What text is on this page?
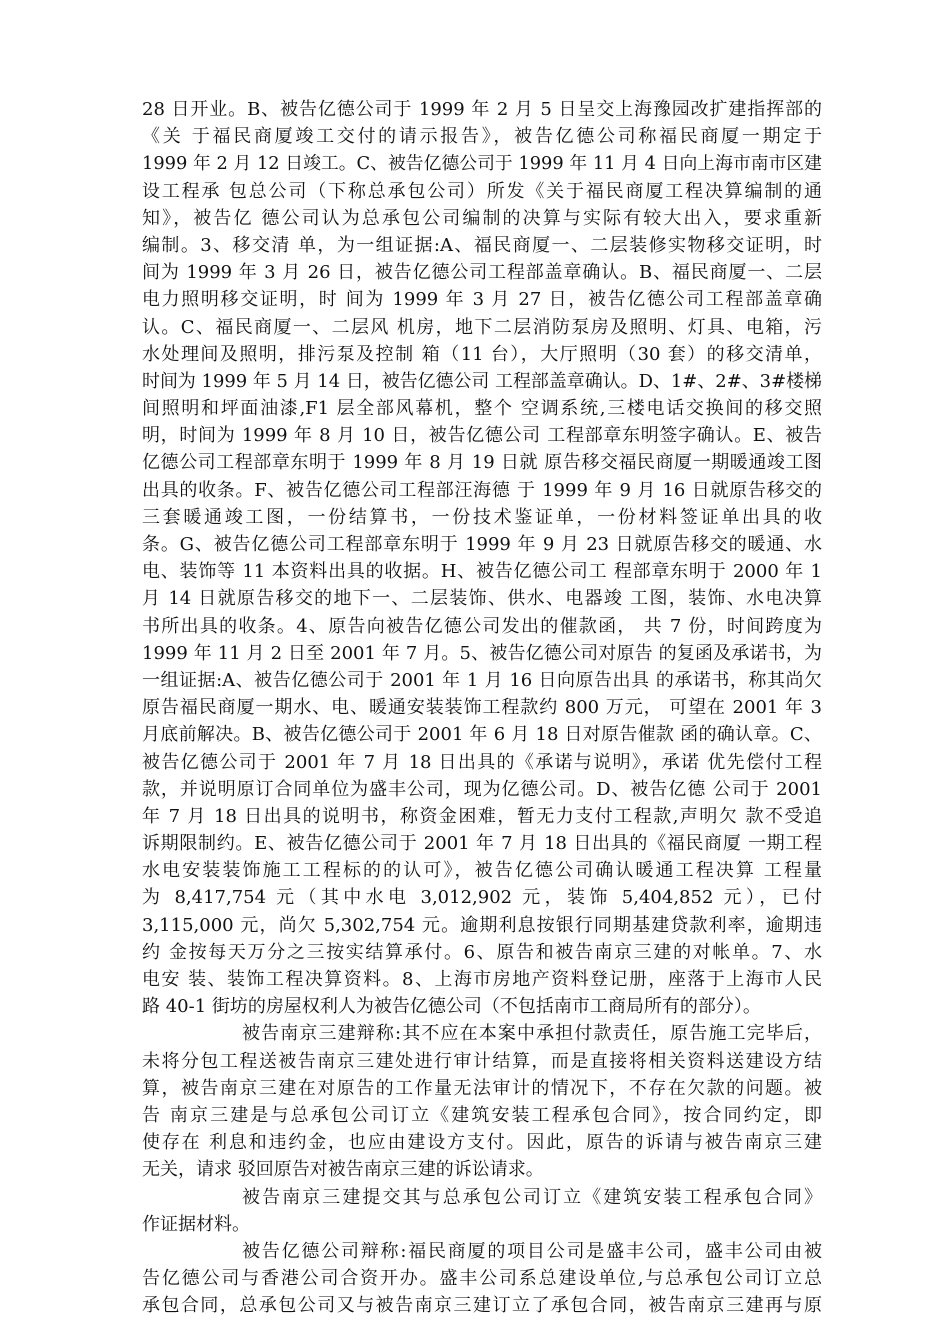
28 日开业。B、被告亿德公司于 1999 年 2 月 5 日呈交上海豫园改扩建指挥部的
《关 于福民商厦竣工交付的请示报告》，被告亿德公司称福民商厦一期定于
1999 年 2 月 12 日竣工。C、被告亿德公司于 1999 年 11 月 4 日向上海市南市区建
设工程承 包总公司（下称总承包公司）所发《关于福民商厦工程决算编制的通
知》，被告亿 德公司认为总承包公司编制的决算与实际有较大出入，要求重新
编制。3、移交清 单，为一组证据:A、福民商厦一、二层装修实物移交证明，时
间为 1999 年 3 月 26 日，被告亿德公司工程部盖章确认。B、福民商厦一、二层
电力照明移交证明，时 间为 1999 年 3 月 27 日，被告亿德公司工程部盖章确
认。C、福民商厦一、二层风 机房，地下二层消防泵房及照明、灯具、电箱，污
水处理间及照明，排污泵及控制 箱（11 台），大厅照明（30 套）的移交清单，
时间为 1999 年 5 月 14 日，被告亿德公司 工程部盖章确认。D、1#、2#、3#楼梯
间照明和坪面油漆,F1 层全部风幕机，整个 空调系统,三楼电话交换间的移交照
明，时间为 1999 年 8 月 10 日，被告亿德公司 工程部章东明签字确认。E、被告
亿德公司工程部章东明于 1999 年 8 月 19 日就 原告移交福民商厦一期暖通竣工图
出具的收条。F、被告亿德公司工程部汪海德 于 1999 年 9 月 16 日就原告移交的
三套暖通竣工图，一份结算书，一份技术鉴证单，一份材料签证单出具的收
条。G、被告亿德公司工程部章东明于 1999 年 9 月 23 日就原告移交的暖通、水
电、装饰等 11 本资料出具的收据。H、被告亿德公司工 程部章东明于 2000 年 1
月 14 日就原告移交的地下一、二层装饰、供水、电器竣 工图，装饰、水电决算
书所出具的收条。4、原告向被告亿德公司发出的催款函， 共 7 份，时间跨度为
1999 年 11 月 2 日至 2001 年 7 月。5、被告亿德公司对原告 的复函及承诺书，为
一组证据:A、被告亿德公司于 2001 年 1 月 16 日向原告出具 的承诺书，称其尚欠
原告福民商厦一期水、电、暖通安装装饰工程款约 800 万元， 可望在 2001 年 3
月底前解决。B、被告亿德公司于 2001 年 6 月 18 日对原告催款 函的确认章。C、
被告亿德公司于 2001 年 7 月 18 日出具的《承诺与说明》，承诺 优先偿付工程
款，并说明原订合同单位为盛丰公司，现为亿德公司。D、被告亿德 公司于 2001
年 7 月 18 日出具的说明书，称资金困难，暂无力支付工程款,声明欠 款不受追
诉期限制约。E、被告亿德公司于 2001 年 7 月 18 日出具的《福民商厦 一期工程
水电安装装饰施工工程标的的认可》，被告亿德公司确认暖通工程决算 工程量
为 8,417,754 元（其中水电 3,012,902 元，装饰 5,404,852 元），已付
3,115,000 元，尚欠 5,302,754 元。逾期利息按银行同期基建贷款利率，逾期违
约 金按每天万分之三按实结算承付。6、原告和被告南京三建的对帐单。7、水
电安 装、装饰工程决算资料。8、上海市房地产资料登记册，座落于上海市人民
路 40-1 街坊的房屋权利人为被告亿德公司（不包括南市工商局所有的部分）。
被告南京三建辩称:其不应在本案中承担付款责任，原告施工完毕后，
未将分包工程送被告南京三建处进行审计结算，而是直接将相关资料送建设方结
算，被告南京三建在对原告的工作量无法审计的情况下，不存在欠款的问题。被
告 南京三建是与总承包公司订立《建筑安装工程承包合同》，按合同约定，即
使存在 利息和违约金，也应由建设方支付。因此，原告的诉请与被告南京三建
无关，请求 驳回原告对被告南京三建的诉讼请求。
被告南京三建提交其与总承包公司订立《建筑安装工程承包合同》
作证据材料。
被告亿德公司辩称:福民商厦的项目公司是盛丰公司，盛丰公司由被
告亿德公司与香港公司合资开办。盛丰公司系总建设单位,与总承包公司订立总
承包合同，总承包公司又与被告南京三建订立了承包合同，被告南京三建再与原
